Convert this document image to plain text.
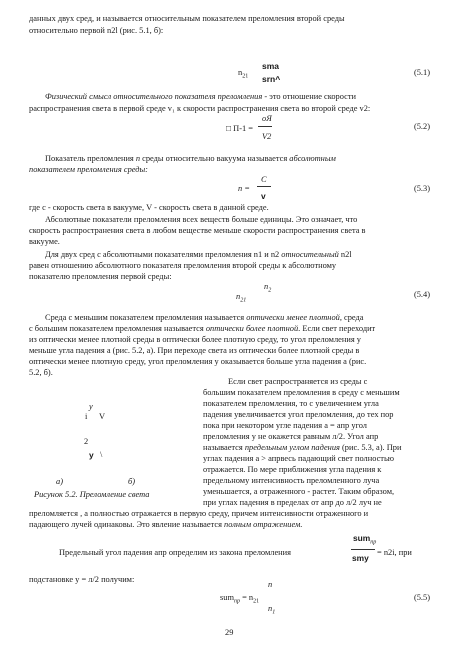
данных двух сред, и называется относительным показателем преломления второй среды
относительно первой n2l (рис. 5.1, б):
$n_{21}$
sma
srn^
(5.1)
Физический смысл относительного показателя преломления - это отношение скорости
распространения света в первой среде v₁ к скорости распространения света во второй среде v2:
□ П-1 =
oЯ
V2
(5.2)
Показатель преломления n среды относительно вакуума называется абсолютным
показателем преломления среды:
n =
C
v
(5.3)
где с - скорость света в вакууме, V - скорость света в данной среде.
Абсолютные показатели преломления всех веществ больше единицы. Это означает, что
скорость распространения света в любом веществе меньше скорости распространения света в
вакууме.
Для двух сред с абсолютными показателями преломления n1 и n2 относительный n2l
равен отношению абсолютного показателя преломления второй среды к абсолютному
показателю преломления первой среды:
$n_2$
$n_{21}$
(5.4)
Среда с меньшим показателем преломления называется оптически менее плотной, среда
с большим показателем преломления называется оптически более плотной. Если свет переходит
из оптически менее плотной среды в оптически более плотную среду, то угол преломления у
меньше угла падения a (рис. 5.2, а). При переходе света из оптически более плотной среды в
оптически менее плотную среду, угол преломления у оказывается больше угла падения a (рис.
5.2, б).
y
i V
2
y \
а)	б)
Рисунок 5.2. Преломление света
Если свет распространяется из среды с
большим показателем преломления в среду с меньшим
показателем преломления, то с увеличением угла
падения увеличивается угол преломления, до тех пор
пока при некотором угле падения a = aпр угол
преломления у не окажется равным л/2. Угол aпр
называется предельным углом падения (рис. 5.3, а). При
углах падения a > aпрвесь падающий свет полностью
отражается. По мере приближения угла падения к
предельному интенсивность преломленного луча
уменьшается, а отраженного - растет. Таким образом,
при углах падения в пределах от aпр до л/2 луч не
преломляется , а полностью отражается в первую среду, причем интенсивности отраженного и
падающего лучей одинаковы. Это явление называется полным отражением.
sum$_{пр}$
Предельный угол падения aпр определим из закона преломления
smy
= n2i, при
подстановке у = л/2 получим:
n
$sum_{пр} = n_{21}$
$n_1$
(5.5)
29
